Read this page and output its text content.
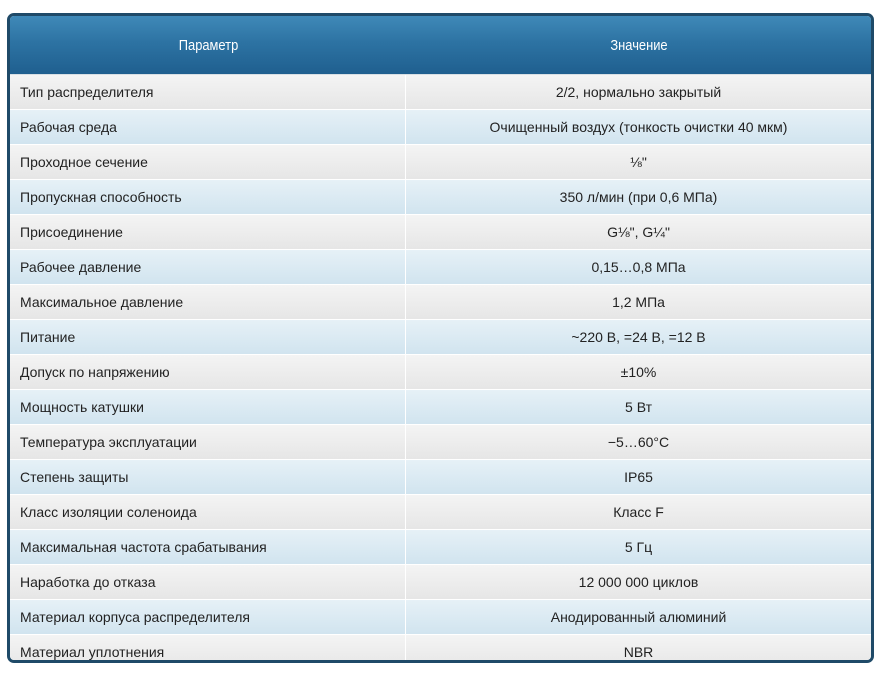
Параметр	Значение
Тип распределителя	2/2, нормально закрытый
Рабочая среда	Очищенный воздух (тонкость очистки 40 мкм)
Проходное сечение	⅛"
Пропускная способность	350 л/мин (при 0,6 МПа)
Присоединение	G⅛", G¼"
Рабочее давление	0,15…0,8 МПа
Максимальное давление	1,2 МПа
Питание	~220 В, =24 В, =12 В
Допуск по напряжению	±10%
Мощность катушки	5 Вт
Температура эксплуатации	−5…60°С
Степень защиты	IP65
Класс изоляции соленоида	Класс F
Максимальная частота срабатывания	5 Гц
Наработка до отказа	12 000 000 циклов
Материал корпуса распределителя	Анодированный алюминий
Материал уплотнения	NBR
